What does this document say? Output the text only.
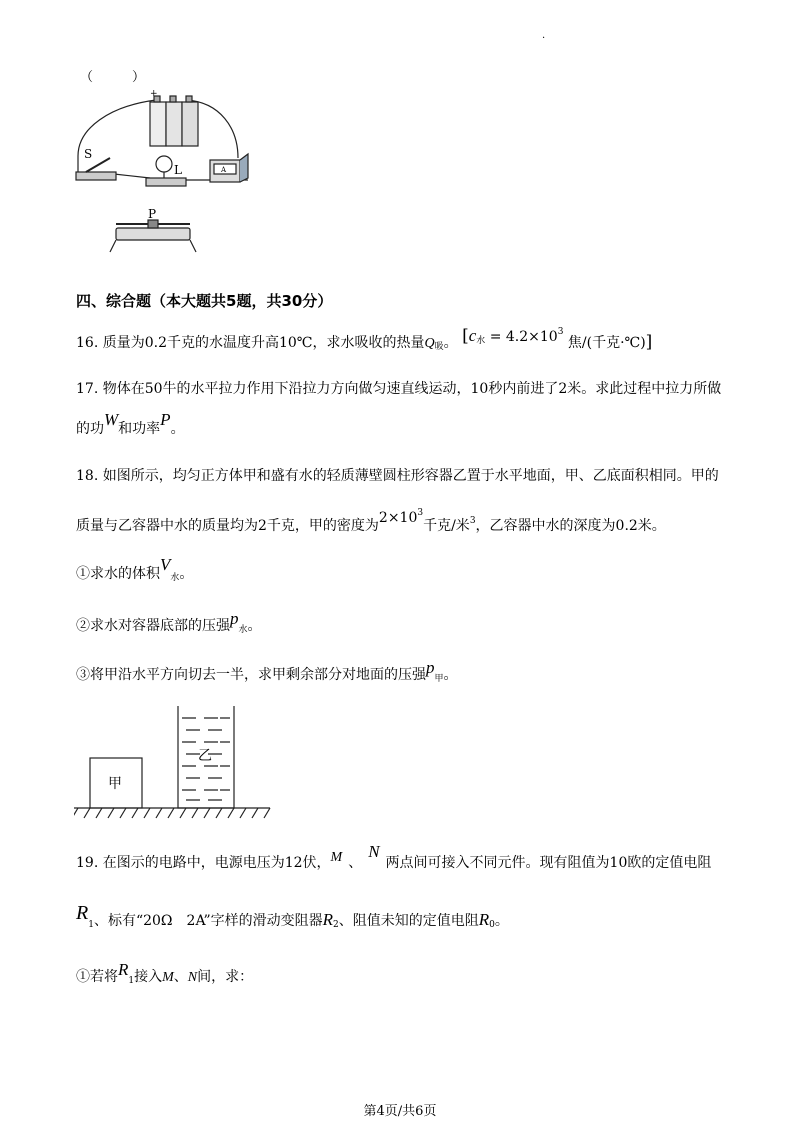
.
（　　　）
+
S
L	A
P
四、综合题（本大题共5题，共30分）
16. 质量为0.2千克的水温度升高10℃，求水吸收的热量$Q_吸$。 [$c_水 = 4.2\times 10^3$ 焦/(千克·℃)]
17. 物体在50牛的水平拉力作用下沿拉力方向做匀速直线运动，10秒内前进了2米。求此过程中拉力所做
的功W和功率P。
18. 如图所示，均匀正方体甲和盛有水的轻质薄壁圆柱形容器乙置于水平地面，甲、乙底面积相同。甲的
质量与乙容器中水的质量均为2千克，甲的密度为$2\times 10^3$千克/米$^3$，乙容器中水的深度为0.2米。
①求水的体积$V_水$。
②求水对容器底部的压强$p_水$。
③将甲沿水平方向切去一半，求甲剩余部分对地面的压强$p_甲$。
甲
乙
19. 在图示的电路中，电源电压为12伏，M 、N两点间可接入不同元件。现有阻值为10欧的定值电阻
$R_1$、标有“20Ω　2A”字样的滑动变阻器$R_2$、阻值未知的定值电阻$R_0$。
①若将$R_1$接入M、N间，求：
第4页/共6页
